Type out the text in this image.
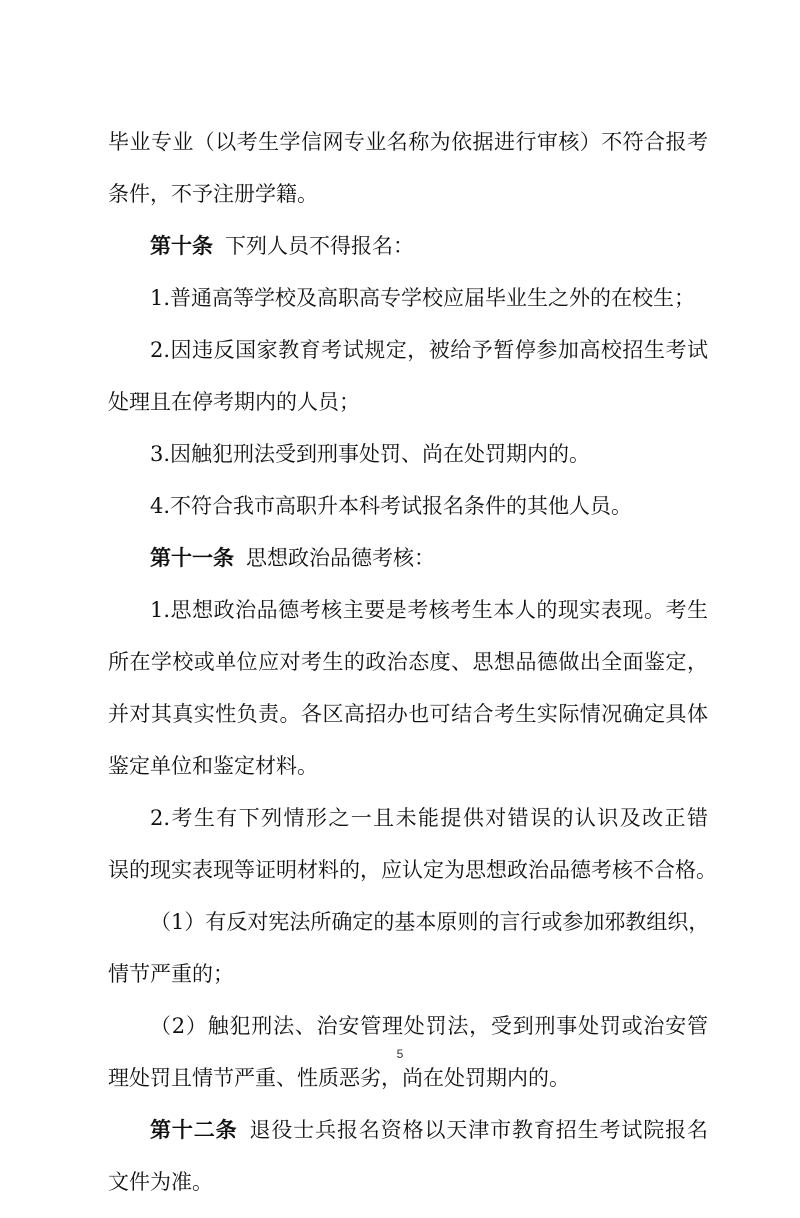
毕业专业（以考生学信网专业名称为依据进行审核）不符合报考
条件，不予注册学籍。
第十条 下列人员不得报名：
1.普通高等学校及高职高专学校应届毕业生之外的在校生；
2.因违反国家教育考试规定，被给予暂停参加高校招生考试
处理且在停考期内的人员；
3.因触犯刑法受到刑事处罚、尚在处罚期内的。
4.不符合我市高职升本科考试报名条件的其他人员。
第十一条 思想政治品德考核：
1.思想政治品德考核主要是考核考生本人的现实表现。考生
所在学校或单位应对考生的政治态度、思想品德做出全面鉴定，
并对其真实性负责。各区高招办也可结合考生实际情况确定具体
鉴定单位和鉴定材料。
2.考生有下列情形之一且未能提供对错误的认识及改正错
误的现实表现等证明材料的，应认定为思想政治品德考核不合格。
（1）有反对宪法所确定的基本原则的言行或参加邪教组织，
情节严重的；
（2）触犯刑法、治安管理处罚法，受到刑事处罚或治安管
理处罚且情节严重、性质恶劣，尚在处罚期内的。
第十二条 退役士兵报名资格以天津市教育招生考试院报名
文件为准。
5
